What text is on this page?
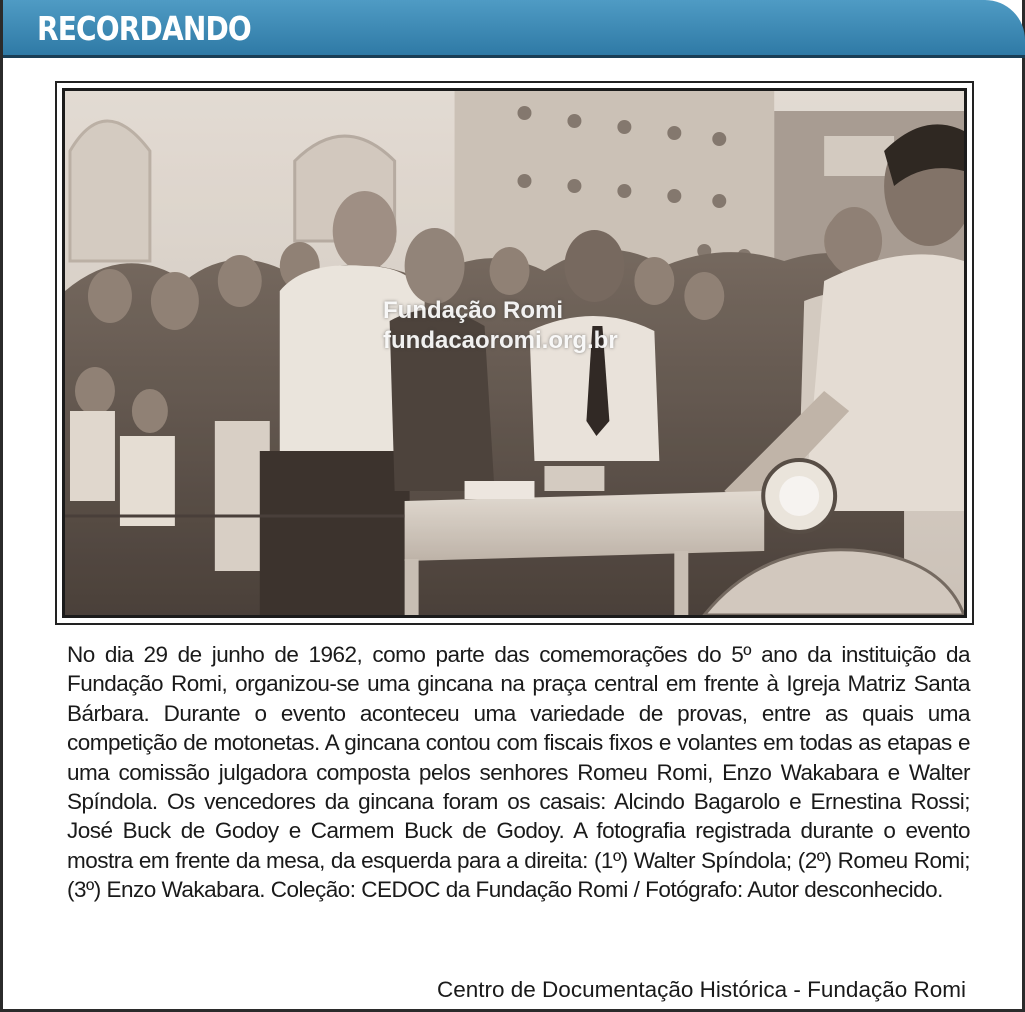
RECORDANDO
Fundação Romi
fundacaoromi.org.br
No dia 29 de junho de 1962, como parte das comemorações do 5º ano da instituição da Fundação Romi, organizou-se uma gincana na praça central em frente à Igreja Matriz Santa Bárbara. Durante o evento aconteceu uma variedade de provas, entre as quais uma competição de motonetas. A gincana contou com fiscais fixos e volantes em todas as etapas e uma comissão julgadora composta pelos senhores Romeu Romi, Enzo Wakabara e Walter Spíndola. Os vencedores da gincana foram os casais: Alcindo Bagarolo e Ernestina Rossi; José Buck de Godoy e Carmem Buck de Godoy. A fotografia registrada durante o evento mostra em frente da mesa, da esquerda para a direita: (1º) Walter Spíndola; (2º) Romeu Romi; (3º) Enzo Wakabara. Coleção: CEDOC da Fundação Romi / Fotógrafo: Autor desconhecido.
Centro de Documentação Histórica - Fundação Romi
